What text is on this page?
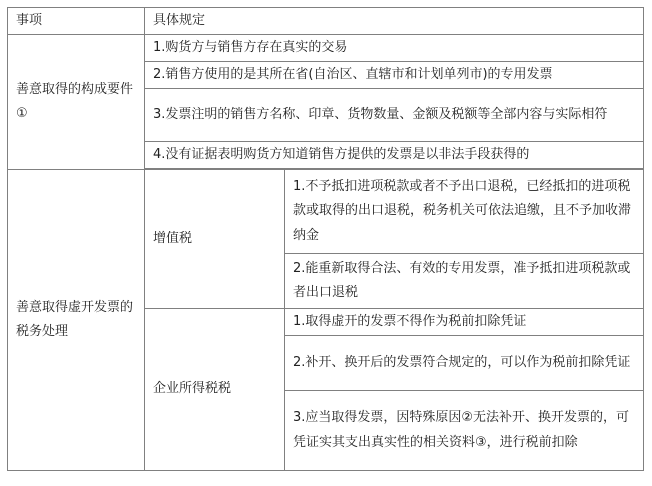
事项	具体规定	
善意取得的构成要件①	1.购货方与销售方存在真实的交易	
	2.销售方使用的是其所在省(自治区、直辖市和计划单列市)的专用发票	
	3.发票注明的销售方名称、印章、货物数量、金额及税额等全部内容与实际相符	
	4.没有证据表明购货方知道销售方提供的发票是以非法手段获得的	

善意取得虚开发票的税务处理	增值税	1.不予抵扣进项税款或者不予出口退税，已经抵扣的进项税款或取得的出口退税，税务机关可依法追缴，且不予加收滞纳金
		2.能重新取得合法、有效的专用发票，准予抵扣进项税款或者出口退税
	企业所得税税	1.取得虚开的发票不得作为税前扣除凭证
		2.补开、换开后的发票符合规定的，可以作为税前扣除凭证
		3.应当取得发票，因特殊原因②无法补开、换开发票的，可凭证实其支出真实性的相关资料③，进行税前扣除
